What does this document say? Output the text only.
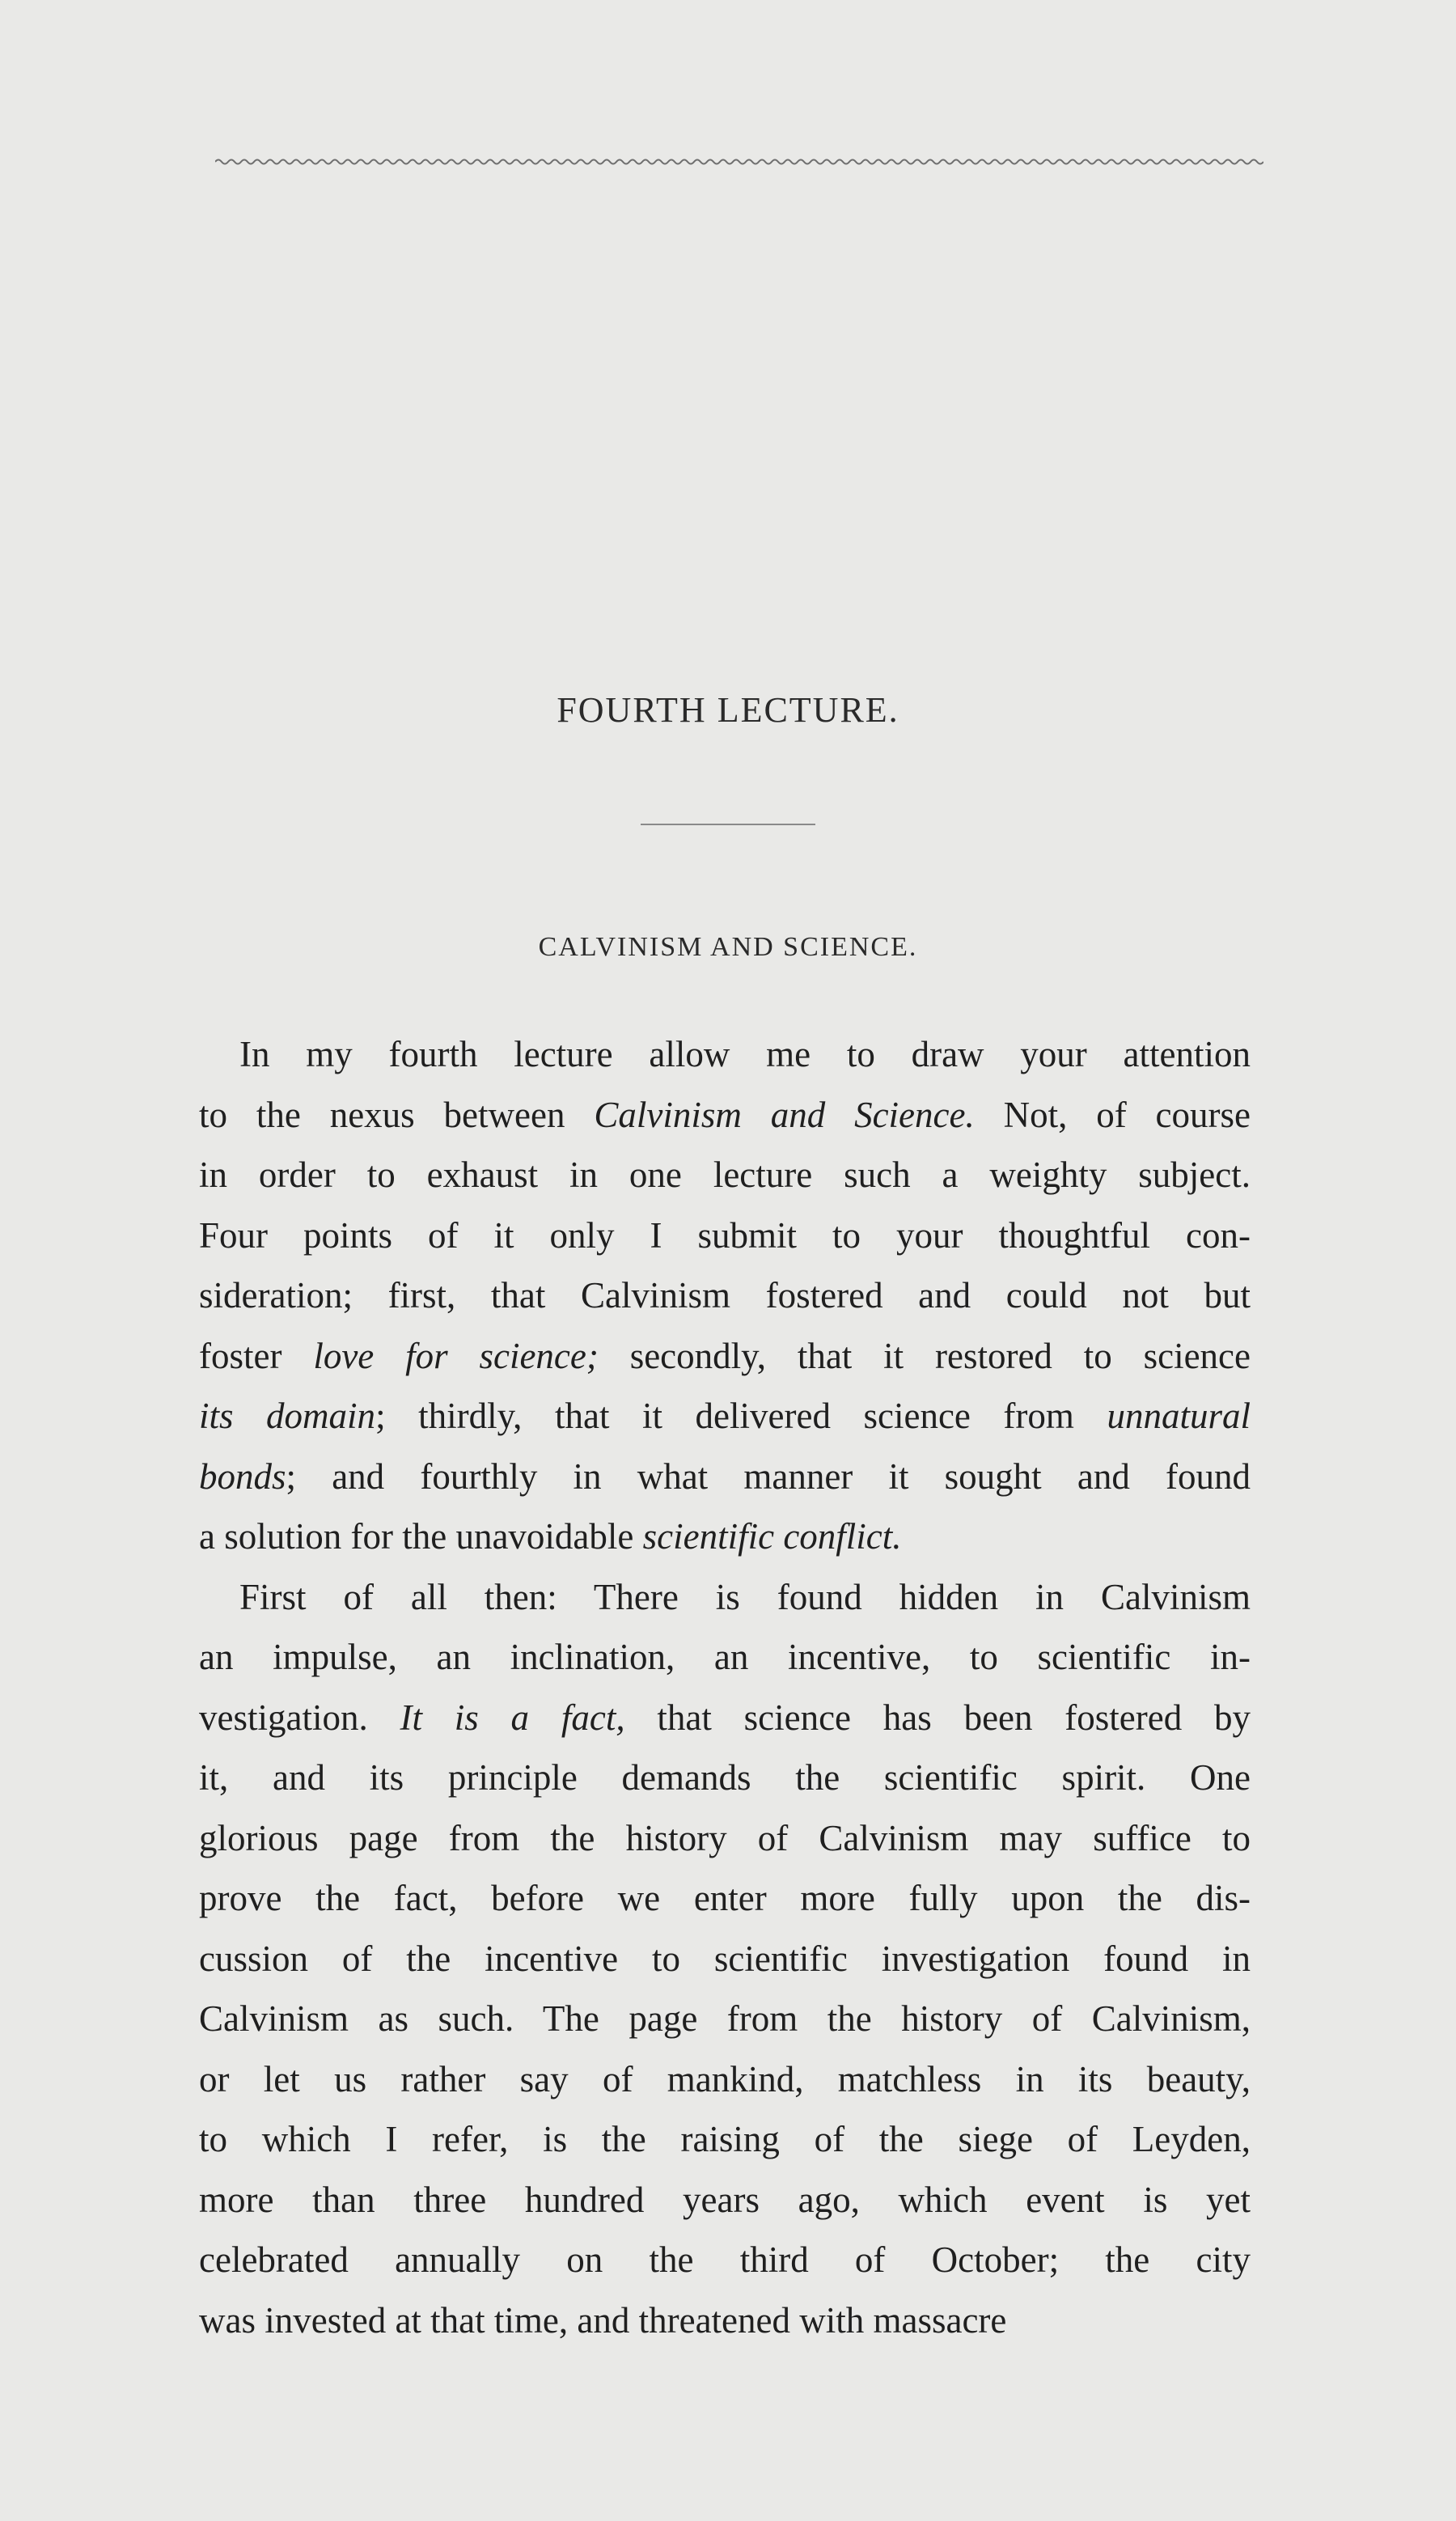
FOURTH LECTURE.
CALVINISM AND SCIENCE.
In my fourth lecture allow me to draw your attention
to the nexus between Calvinism and Science. Not, of course
in order to exhaust in one lecture such a weighty subject.
Four points of it only I submit to your thoughtful con-
sideration; first, that Calvinism fostered and could not but
foster love for science; secondly, that it restored to science
its domain; thirdly, that it delivered science from unnatural
bonds; and fourthly in what manner it sought and found
a solution for the unavoidable scientific conflict.
First of all then: There is found hidden in Calvinism
an impulse, an inclination, an incentive, to scientific in-
vestigation. It is a fact, that science has been fostered by
it, and its principle demands the scientific spirit. One
glorious page from the history of Calvinism may suffice to
prove the fact, before we enter more fully upon the dis-
cussion of the incentive to scientific investigation found in
Calvinism as such. The page from the history of Calvinism,
or let us rather say of mankind, matchless in its beauty,
to which I refer, is the raising of the siege of Leyden,
more than three hundred years ago, which event is yet
celebrated annually on the third of October; the city
was invested at that time, and threatened with massacre
